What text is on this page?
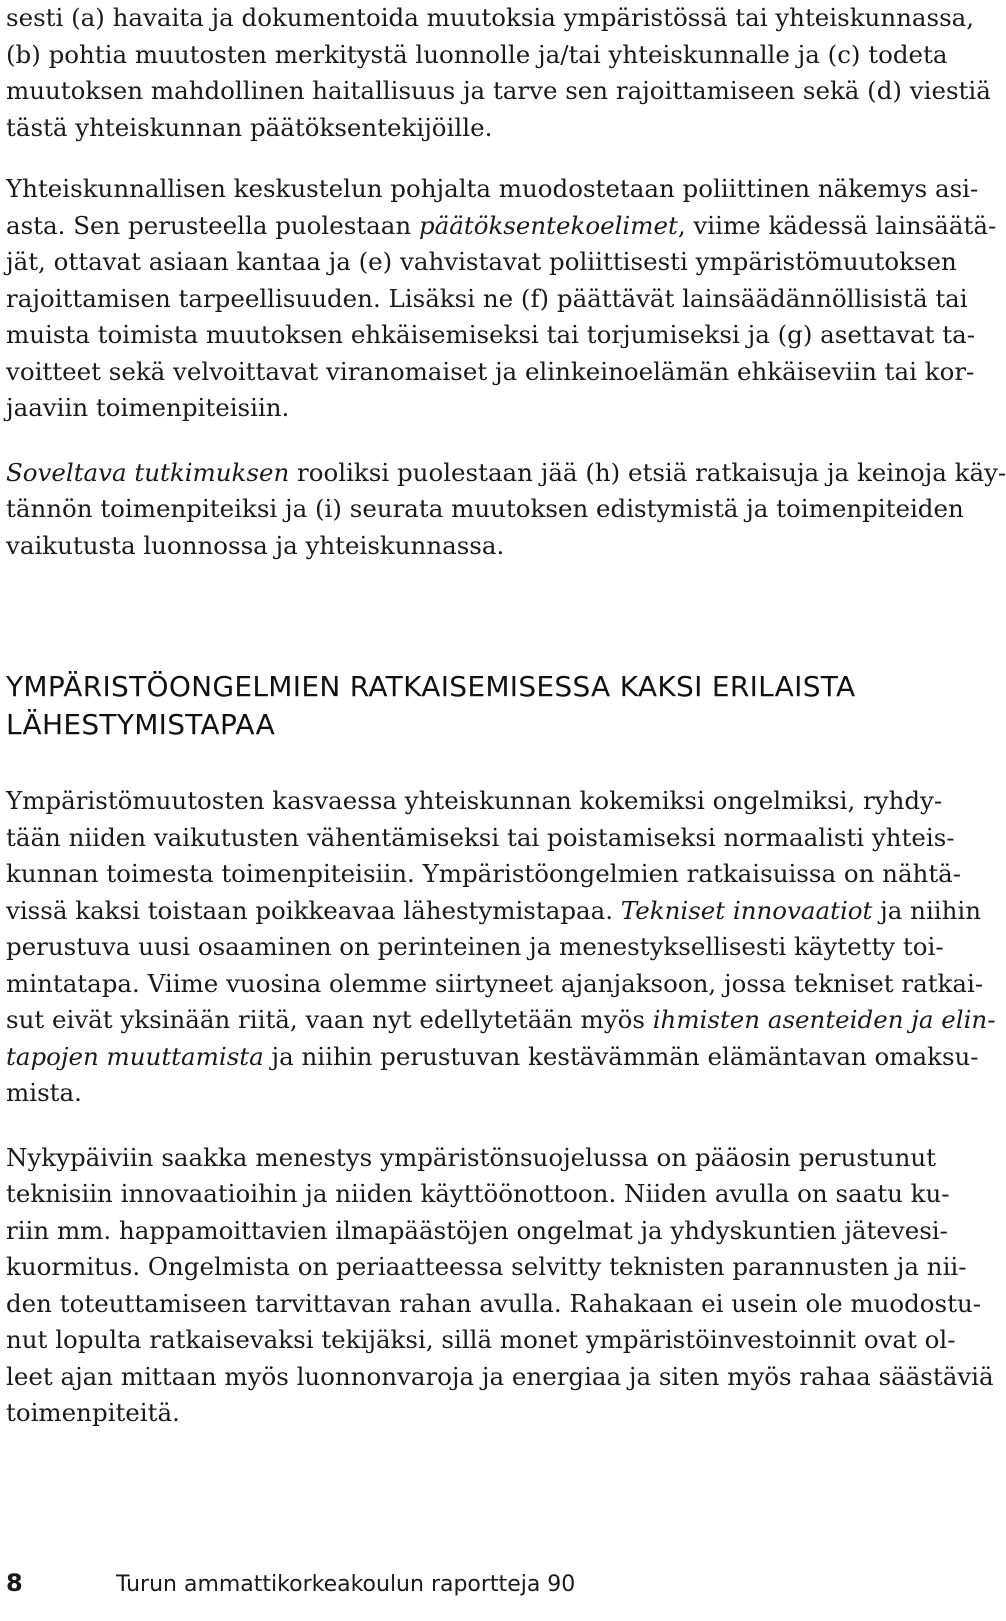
sesti (a) havaita ja dokumentoida muutoksia ympäristössä tai yhteiskunnassa,
(b) pohtia muutosten merkitystä luonnolle ja/tai yhteiskunnalle ja (c) todeta
muutoksen mahdollinen haitallisuus ja tarve sen rajoittamiseen sekä (d) viestiä
tästä yhteiskunnan päätöksentekijöille.

Yhteiskunnallisen keskustelun pohjalta muodostetaan poliittinen näkemys asi-
asta. Sen perusteella puolestaan päätöksentekoelimet, viime kädessä lainsäätä-
jät, ottavat asiaan kantaa ja (e) vahvistavat poliittisesti ympäristömuutoksen
rajoittamisen tarpeellisuuden. Lisäksi ne (f) päättävät lainsäädännöllisistä tai
muista toimista muutoksen ehkäisemiseksi tai torjumiseksi ja (g) asettavat ta-
voitteet sekä velvoittavat viranomaiset ja elinkeinoelämän ehkäiseviin tai kor-
jaaviin toimenpiteisiin.

Soveltava tutkimuksen rooliksi puolestaan jää (h) etsiä ratkaisuja ja keinoja käy-
tännön toimenpiteiksi ja (i) seurata muutoksen edistymistä ja toimenpiteiden
vaikutusta luonnossa ja yhteiskunnassa.

YMPÄRISTÖONGELMIEN RATKAISEMISESSA KAKSI ERILAISTA
LÄHESTYMISTAPAA

Ympäristömuutosten kasvaessa yhteiskunnan kokemiksi ongelmiksi, ryhdy-
tään niiden vaikutusten vähentämiseksi tai poistamiseksi normaalisti yhteis-
kunnan toimesta toimenpiteisiin. Ympäristöongelmien ratkaisuissa on nähtä-
vissä kaksi toistaan poikkeavaa lähestymistapaa. Tekniset innovaatiot ja niihin
perustuva uusi osaaminen on perinteinen ja menestyksellisesti käytetty toi-
mintatapa. Viime vuosina olemme siirtyneet ajanjaksoon, jossa tekniset ratkai-
sut eivät yksinään riitä, vaan nyt edellytetään myös ihmisten asenteiden ja elin-
tapojen muuttamista ja niihin perustuvan kestävämmän elämäntavan omaksu-
mista.

Nykypäiviin saakka menestys ympäristönsuojelussa on pääosin perustunut
teknisiin innovaatioihin ja niiden käyttöönottoon. Niiden avulla on saatu ku-
riin mm. happamoittavien ilmapäästöjen ongelmat ja yhdyskuntien jätevesi-
kuormitus. Ongelmista on periaatteessa selvitty teknisten parannusten ja nii-
den toteuttamiseen tarvittavan rahan avulla. Rahakaan ei usein ole muodostu-
nut lopulta ratkaisevaksi tekijäksi, sillä monet ympäristöinvestoinnit ovat ol-
leet ajan mittaan myös luonnonvaroja ja energiaa ja siten myös rahaa säästäviä
toimenpiteitä.

8	Turun ammattikorkeakoulun raportteja 90
